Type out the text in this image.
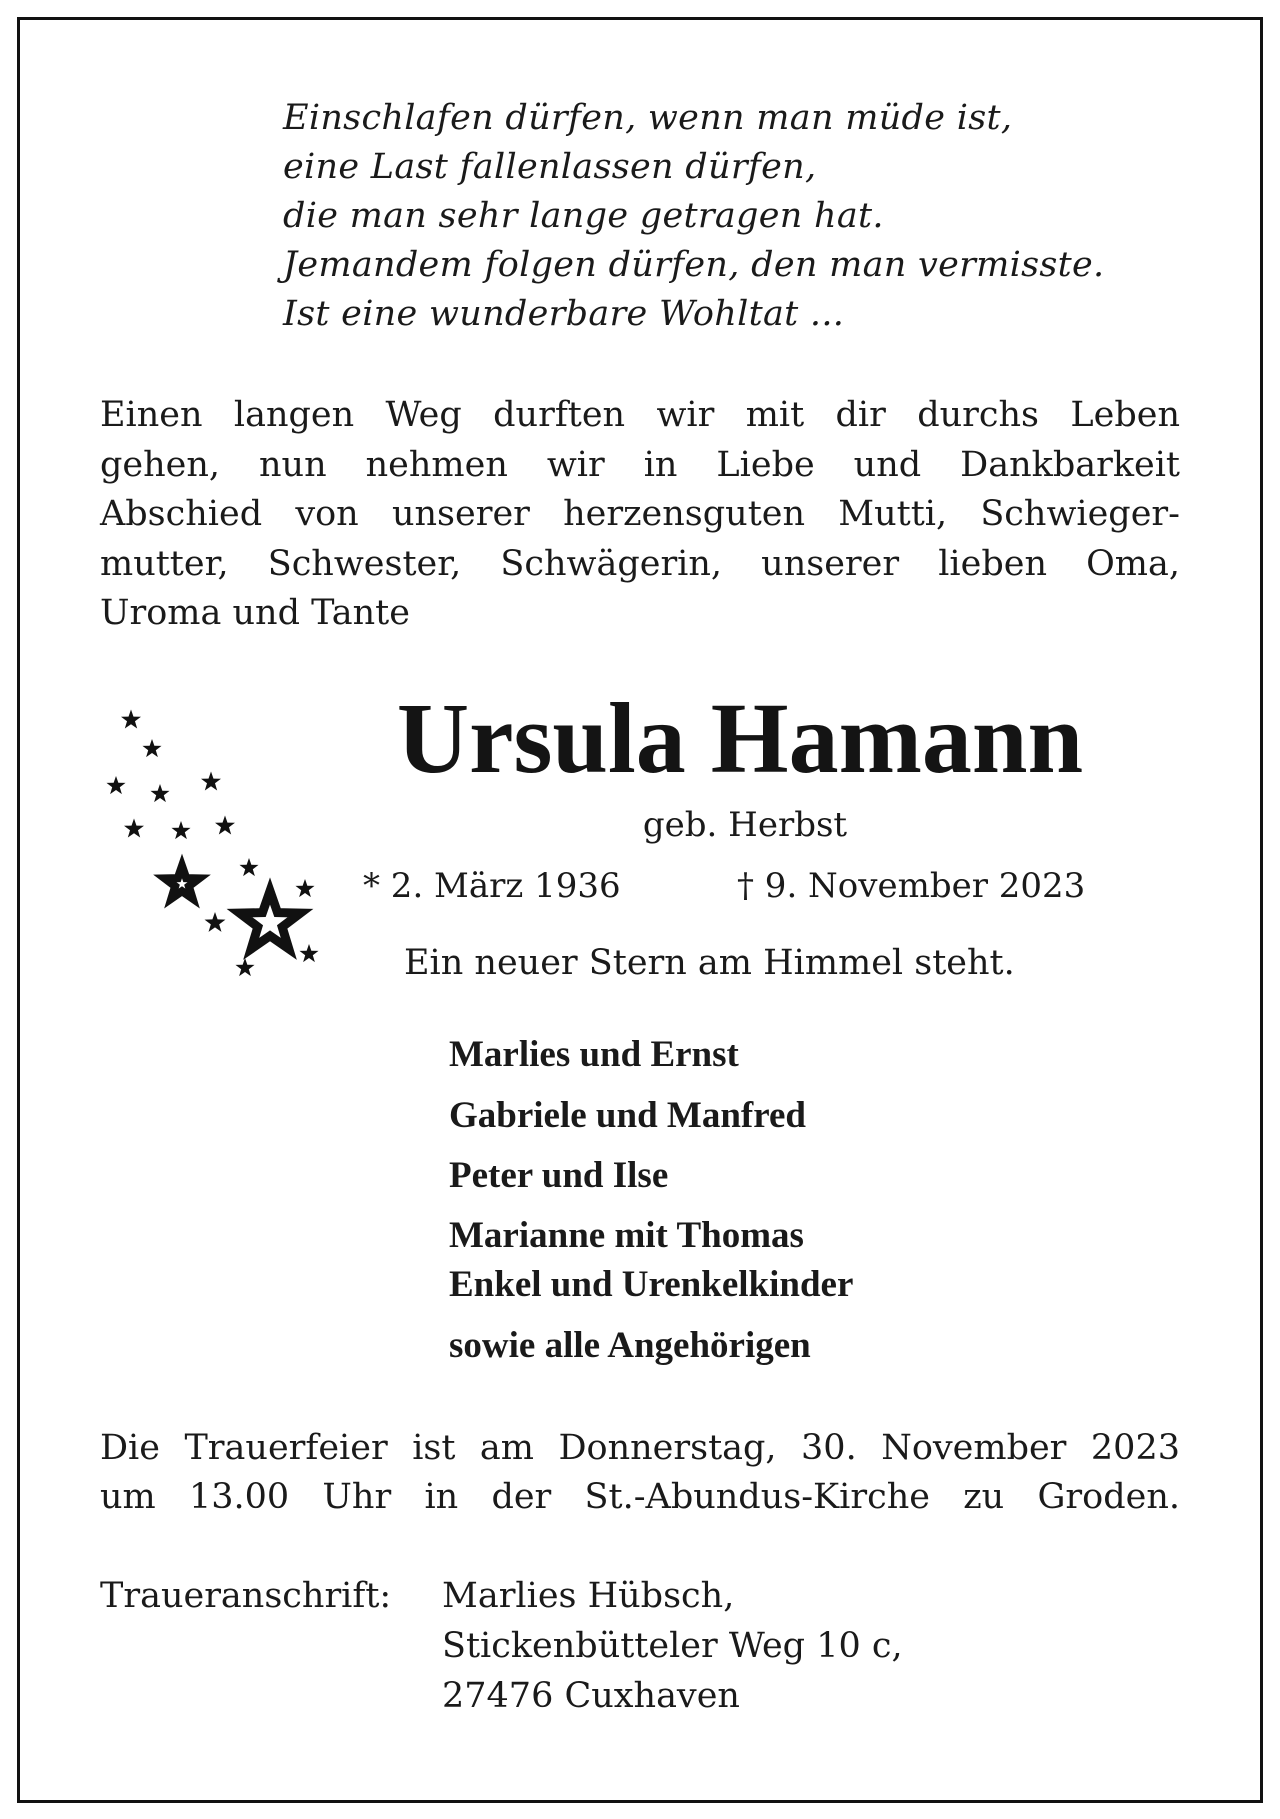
Einschlafen dürfen, wenn man müde ist,
eine Last fallenlassen dürfen,
die man sehr lange getragen hat.
Jemandem folgen dürfen, den man vermisste.
Ist eine wunderbare Wohltat ...
Einen langen Weg durften wir mit dir durchs Leben
gehen, nun nehmen wir in Liebe und Dankbarkeit
Abschied von unserer herzensguten Mutti, Schwieger-
mutter, Schwester, Schwägerin, unserer lieben Oma,
Uroma und Tante
Ursula Hamann
geb. Herbst
* 2. März 1936	† 9. November 2023
Ein neuer Stern am Himmel steht.
Marlies und Ernst
Gabriele und Manfred
Peter und Ilse
Marianne mit Thomas
Enkel und Urenkelkinder
sowie alle Angehörigen
Die Trauerfeier ist am Donnerstag, 30. November 2023
um 13.00 Uhr in der St.-Abundus-Kirche zu Groden.
Traueranschrift: Marlies Hübsch,
Stickenbütteler Weg 10 c,
27476 Cuxhaven
